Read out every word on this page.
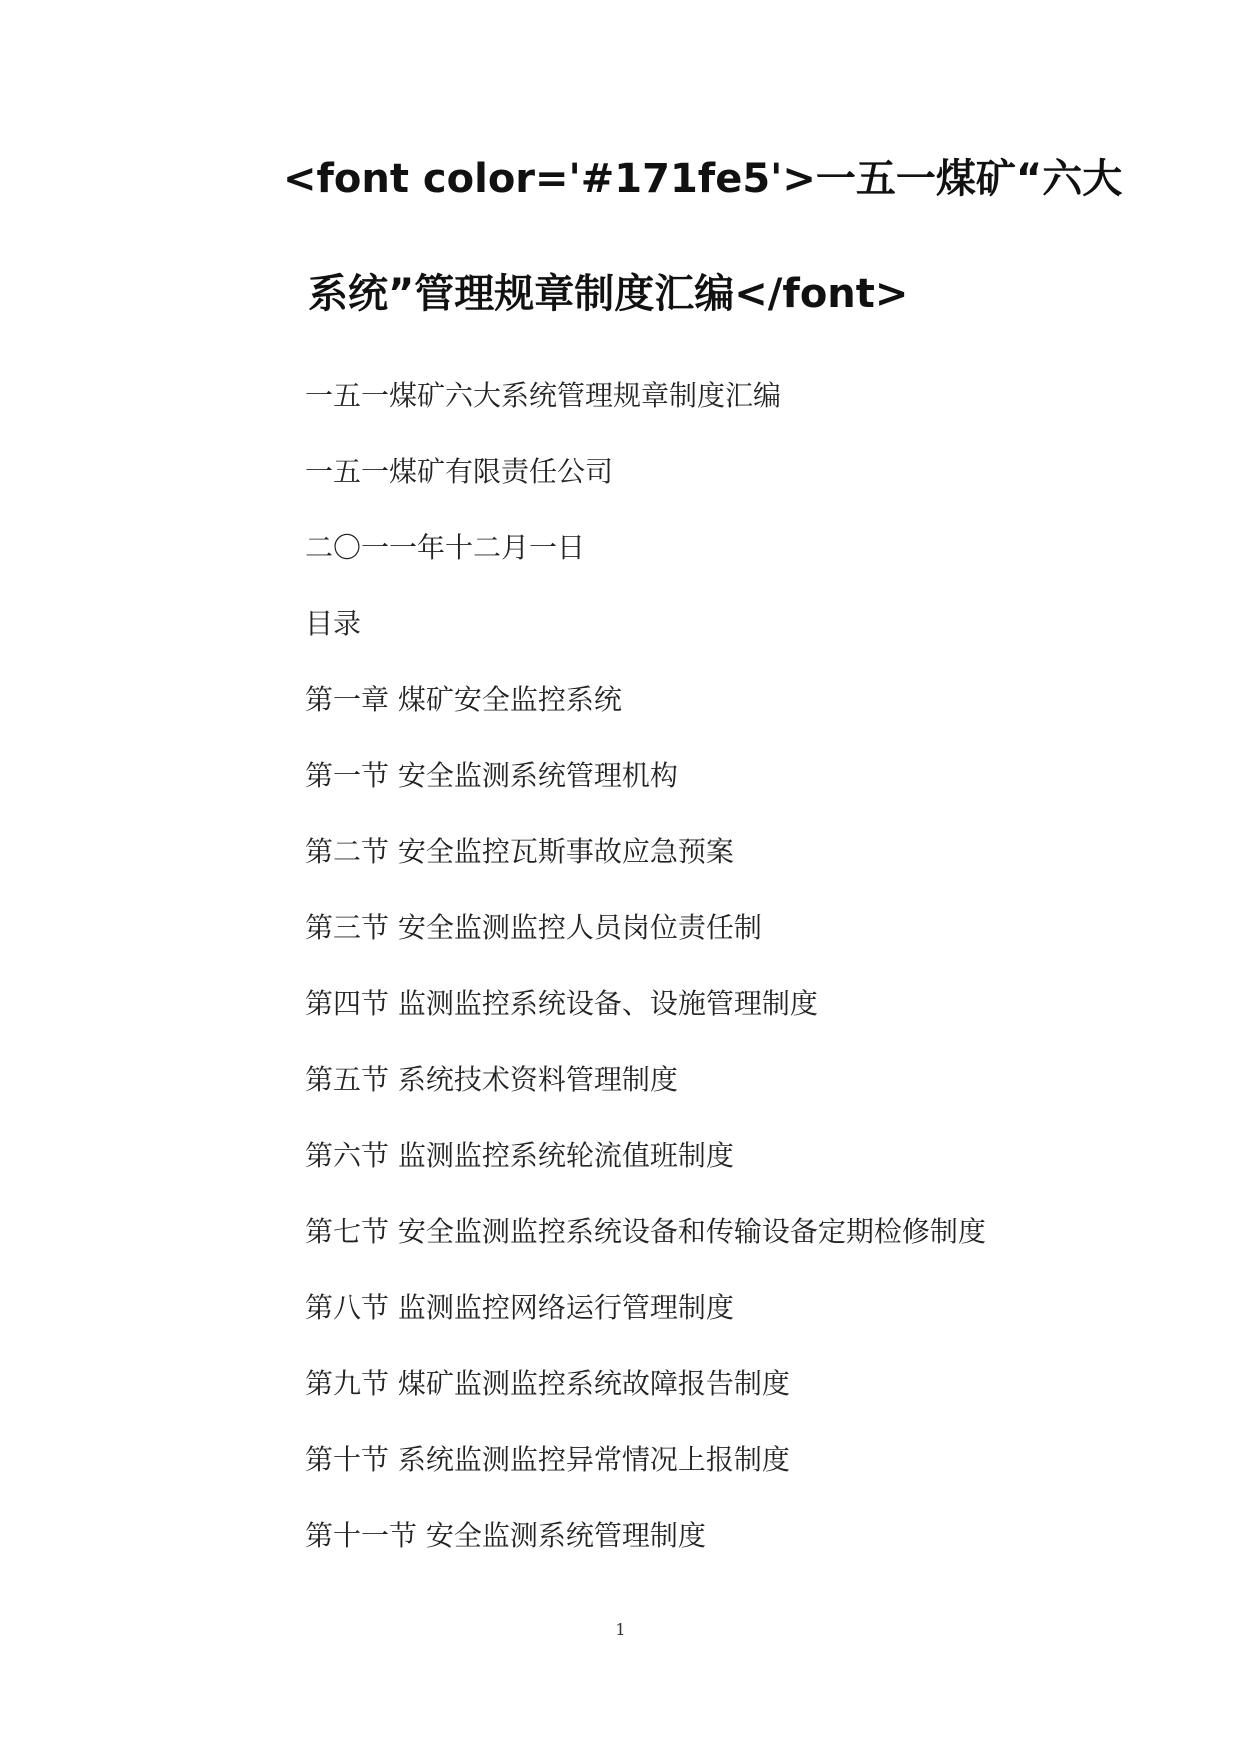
<font color='#171fe5'>一五一煤矿“六大
系统”管理规章制度汇编</font>
一五一煤矿六大系统管理规章制度汇编
一五一煤矿有限责任公司
二〇一一年十二月一日
目录
第一章 煤矿安全监控系统
第一节 安全监测系统管理机构
第二节 安全监控瓦斯事故应急预案
第三节 安全监测监控人员岗位责任制
第四节 监测监控系统设备、设施管理制度
第五节 系统技术资料管理制度
第六节 监测监控系统轮流值班制度
第七节 安全监测监控系统设备和传输设备定期检修制度
第八节 监测监控网络运行管理制度
第九节 煤矿监测监控系统故障报告制度
第十节 系统监测监控异常情况上报制度
第十一节 安全监测系统管理制度
1
